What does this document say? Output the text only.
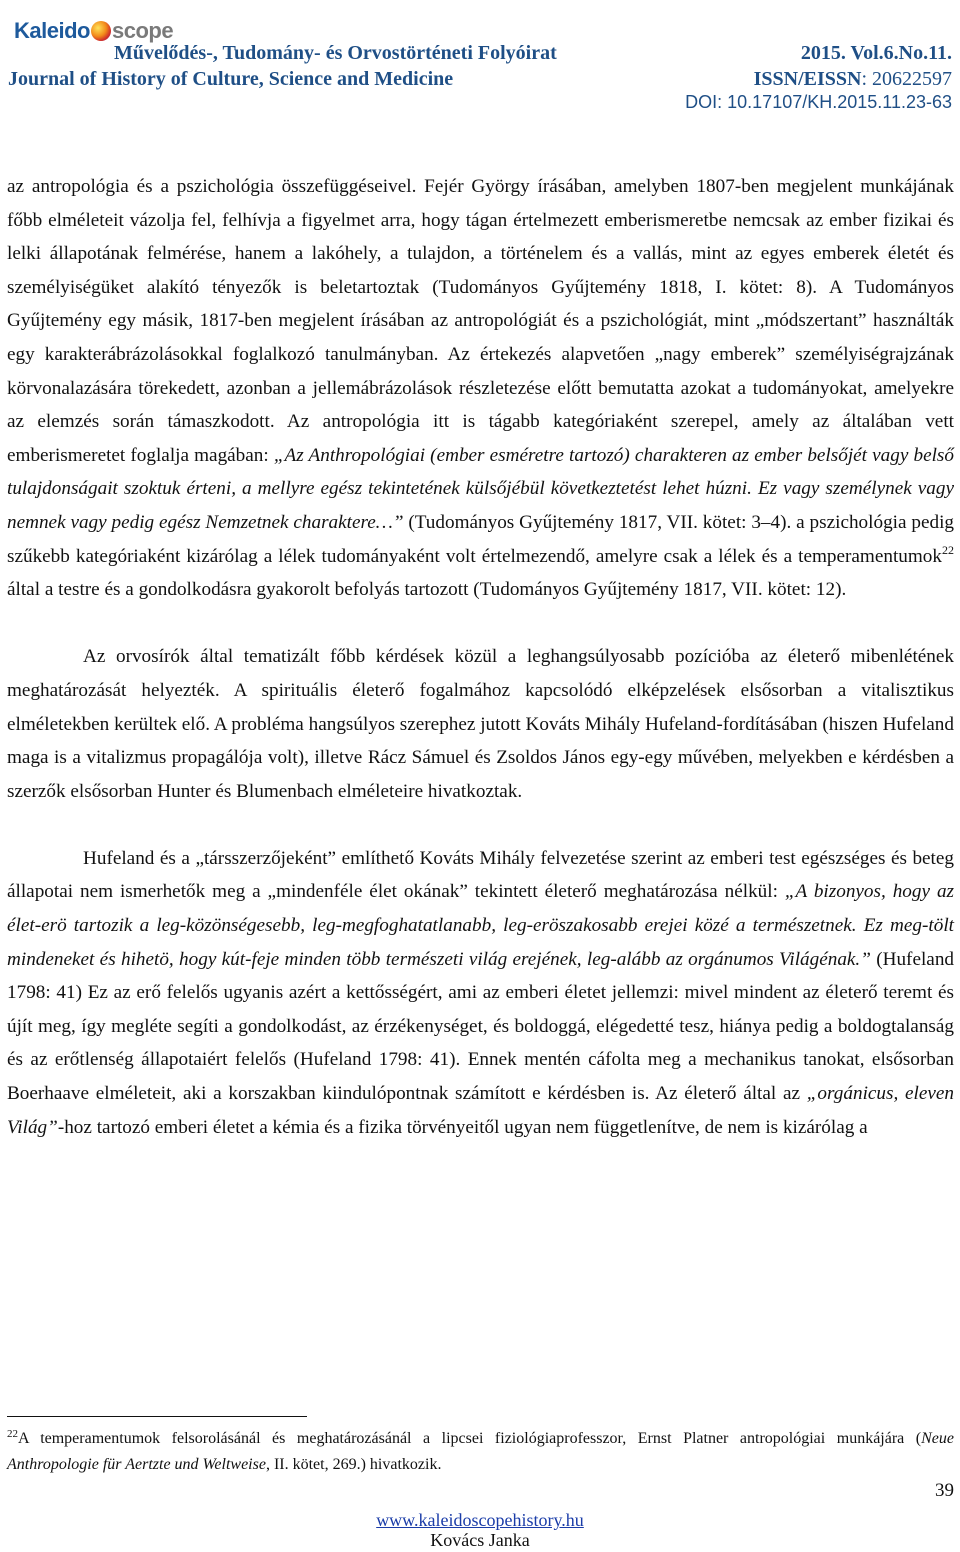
Kaleido scope
Művelődés-, Tudomány- és Orvostörténeti Folyóirat
Journal of History of Culture, Science and Medicine
2015. Vol.6.No.11.
ISSN/EISSN: 20622597
DOI: 10.17107/KH.2015.11.23-63

az antropológia és a pszichológia összefüggéseivel. Fejér György írásában, amelyben 1807-ben megjelent munkájának főbb elméleteit vázolja fel, felhívja a figyelmet arra, hogy tágan értelmezett emberismeretbe nemcsak az ember fizikai és lelki állapotának felmérése, hanem a lakóhely, a tulajdon, a történelem és a vallás, mint az egyes emberek életét és személyiségüket alakító tényezők is beletartoztak (Tudományos Gyűjtemény 1818, I. kötet: 8). A Tudományos Gyűjtemény egy másik, 1817-ben megjelent írásában az antropológiát és a pszichológiát, mint „módszertant” használták egy karakterábrázolásokkal foglalkozó tanulmányban. Az értekezés alapvetően „nagy emberek” személyiségrajzának körvonalazására törekedett, azonban a jellemábrázolások részletezése előtt bemutatta azokat a tudományokat, amelyekre az elemzés során támaszkodott. Az antropológia itt is tágabb kategóriaként szerepel, amely az általában vett emberismeretet foglalja magában: „Az Anthropológiai (ember esméretre tartozó) charakteren az ember belsőjét vagy belső tulajdonságait szoktuk érteni, a mellyre egész tekintetének külsőjébül következtetést lehet húzni. Ez vagy személynek vagy nemnek vagy pedig egész Nemzetnek charaktere…” (Tudományos Gyűjtemény 1817, VII. kötet: 3–4). a pszichológia pedig szűkebb kategóriaként kizárólag a lélek tudományaként volt értelmezendő, amelyre csak a lélek és a temperamentumok$^{22}$ által a testre és a gondolkodásra gyakorolt befolyás tartozott (Tudományos Gyűjtemény 1817, VII. kötet: 12).

Az orvosírók által tematizált főbb kérdések közül a leghangsúlyosabb pozícióba az életerő mibenlétének meghatározását helyezték. A spirituális életerő fogalmához kapcsolódó elképzelések elsősorban a vitalisztikus elméletekben kerültek elő. A probléma hangsúlyos szerephez jutott Kováts Mihály Hufeland-fordításában (hiszen Hufeland maga is a vitalizmus propagálója volt), illetve Rácz Sámuel és Zsoldos János egy-egy művében, melyekben e kérdésben a szerzők elsősorban Hunter és Blumenbach elméleteire hivatkoztak.

Hufeland és a „társszerzőjeként” említhető Kováts Mihály felvezetése szerint az emberi test egészséges és beteg állapotai nem ismerhetők meg a „mindenféle élet okának” tekintett életerő meghatározása nélkül: „A bizonyos, hogy az élet-erö tartozik a leg-közönségesebb, leg-megfoghatatlanabb, leg-eröszakosabb erejei közé a természetnek. Ez meg-tölt mindeneket és hihetö, hogy kút-feje minden több természeti világ erejének, leg-alább az orgánumos Világénak.” (Hufeland 1798: 41) Ez az erő felelős ugyanis azért a kettősségért, ami az emberi életet jellemzi: mivel mindent az életerő teremt és újít meg, így megléte segíti a gondolkodást, az érzékenységet, és boldoggá, elégedetté tesz, hiánya pedig a boldogtalanság és az erőtlenség állapotaiért felelős (Hufeland 1798: 41). Ennek mentén cáfolta meg a mechanikus tanokat, elsősorban Boerhaave elméleteit, aki a korszakban kiindulópontnak számított e kérdésben is. Az életerő által az „orgánicus, eleven Világ”-hoz tartozó emberi életet a kémia és a fizika törvényeitől ugyan nem függetlenítve, de nem is kizárólag a

$^{22}$A temperamentumok felsorolásánál és meghatározásánál a lipcsei fiziológiaprofesszor, Ernst Platner antropológiai munkájára (Neue Anthropologie für Aertzte und Weltweise, II. kötet, 269.) hivatkozik.
39
www.kaleidoscopehistory.hu
Kovács Janka
